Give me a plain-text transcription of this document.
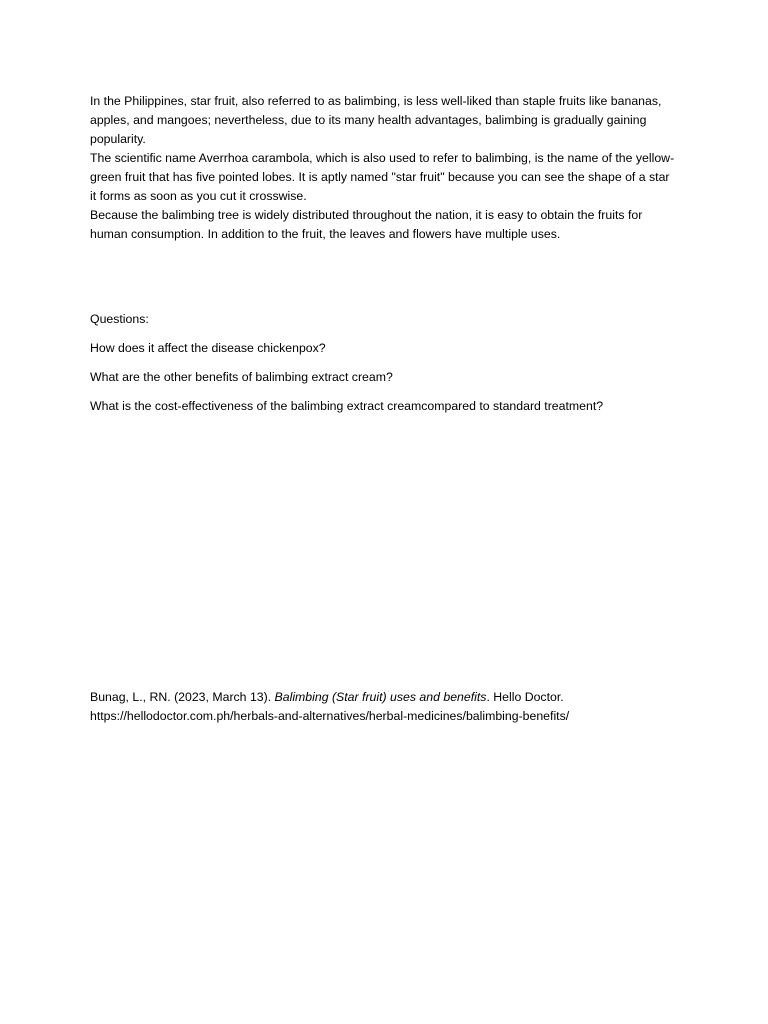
In the Philippines, star fruit, also referred to as balimbing, is less well-liked than staple fruits like bananas, apples, and mangoes; nevertheless, due to its many health advantages, balimbing is gradually gaining popularity.

The scientific name Averrhoa carambola, which is also used to refer to balimbing, is the name of the yellow-green fruit that has five pointed lobes. It is aptly named "star fruit" because you can see the shape of a star it forms as soon as you cut it crosswise.

Because the balimbing tree is widely distributed throughout the nation, it is easy to obtain the fruits for human consumption. In addition to the fruit, the leaves and flowers have multiple uses.

Questions:

How does it affect the disease chickenpox?

What are the other benefits of balimbing extract cream?

What is the cost-effectiveness of the balimbing extract creamcompared to standard treatment?

Bunag, L., RN. (2023, March 13). Balimbing (Star fruit) uses and benefits. Hello Doctor. https://hellodoctor.com.ph/herbals-and-alternatives/herbal-medicines/balimbing-benefits/
